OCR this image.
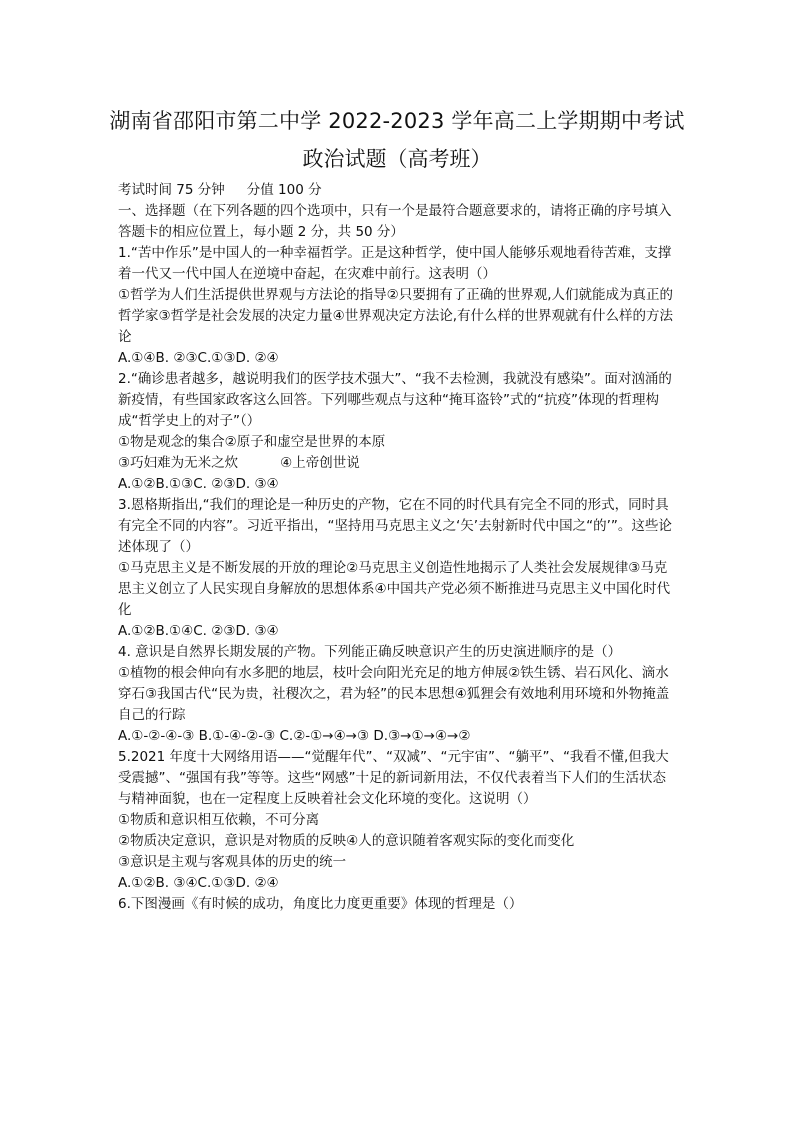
湖南省邵阳市第二中学 2022-2023 学年高二上学期期中考试
政治试题（高考班）

考试时间 75 分钟 分值 100 分

一、选择题（在下列各题的四个选项中，只有一个是最符合题意要求的，请将正确的序号填入答题卡的相应位置上，每小题 2 分，共 50 分）

1.“苦中作乐”是中国人的一种幸福哲学。正是这种哲学，使中国人能够乐观地看待苦难，支撑着一代又一代中国人在逆境中奋起，在灾难中前行。这表明（）

①哲学为人们生活提供世界观与方法论的指导②只要拥有了正确的世界观,人们就能成为真正的哲学家③哲学是社会发展的决定力量④世界观决定方法论,有什么样的世界观就有什么样的方法论

A.①④B. ②③C.①③D. ②④

2.“确诊患者越多，越说明我们的医学技术强大”、“我不去检测，我就没有感染”。面对汹涌的新疫情，有些国家政客这么回答。下列哪些观点与这种“掩耳盗铃”式的“抗疫”体现的哲理构成“哲学史上的对子”（）

①物是观念的集合②原子和虚空是世界的本原

③巧妇难为无米之炊	④上帝创世说

A.①②B.①③C. ②③D. ③④

3.恩格斯指出,“我们的理论是一种历史的产物，它在不同的时代具有完全不同的形式，同时具有完全不同的内容”。习近平指出，“坚持用马克思主义之‘矢’去射新时代中国之“的’”。这些论述体现了（）

①马克思主义是不断发展的开放的理论②马克思主义创造性地揭示了人类社会发展规律③马克思主义创立了人民实现自身解放的思想体系④中国共产党必须不断推进马克思主义中国化时代化

A.①②B.①④C. ②③D. ③④

4. 意识是自然界长期发展的产物。下列能正确反映意识产生的历史演进顺序的是（）

①植物的根会伸向有水多肥的地层，枝叶会向阳光充足的地方伸展②铁生锈、岩石风化、滴水穿石③我国古代“民为贵，社稷次之，君为轻”的民本思想④狐狸会有效地利用环境和外物掩盖自己的行踪

A.①-②-④-③ B.①-④-②-③ C.②-①→④→③ D.③→①→④→②

5.2021 年度十大网络用语——“觉醒年代”、“双减”、“元宇宙”、“躺平”、“我看不懂,但我大受震撼”、“强国有我”等等。这些“网感”十足的新词新用法，不仅代表着当下人们的生活状态与精神面貌，也在一定程度上反映着社会文化环境的变化。这说明（）

①物质和意识相互依赖，不可分离

②物质决定意识，意识是对物质的反映④人的意识随着客观实际的变化而变化

③意识是主观与客观具体的历史的统一

A.①②B. ③④C.①③D. ②④

6.下图漫画《有时候的成功，角度比力度更重要》体现的哲理是（）
